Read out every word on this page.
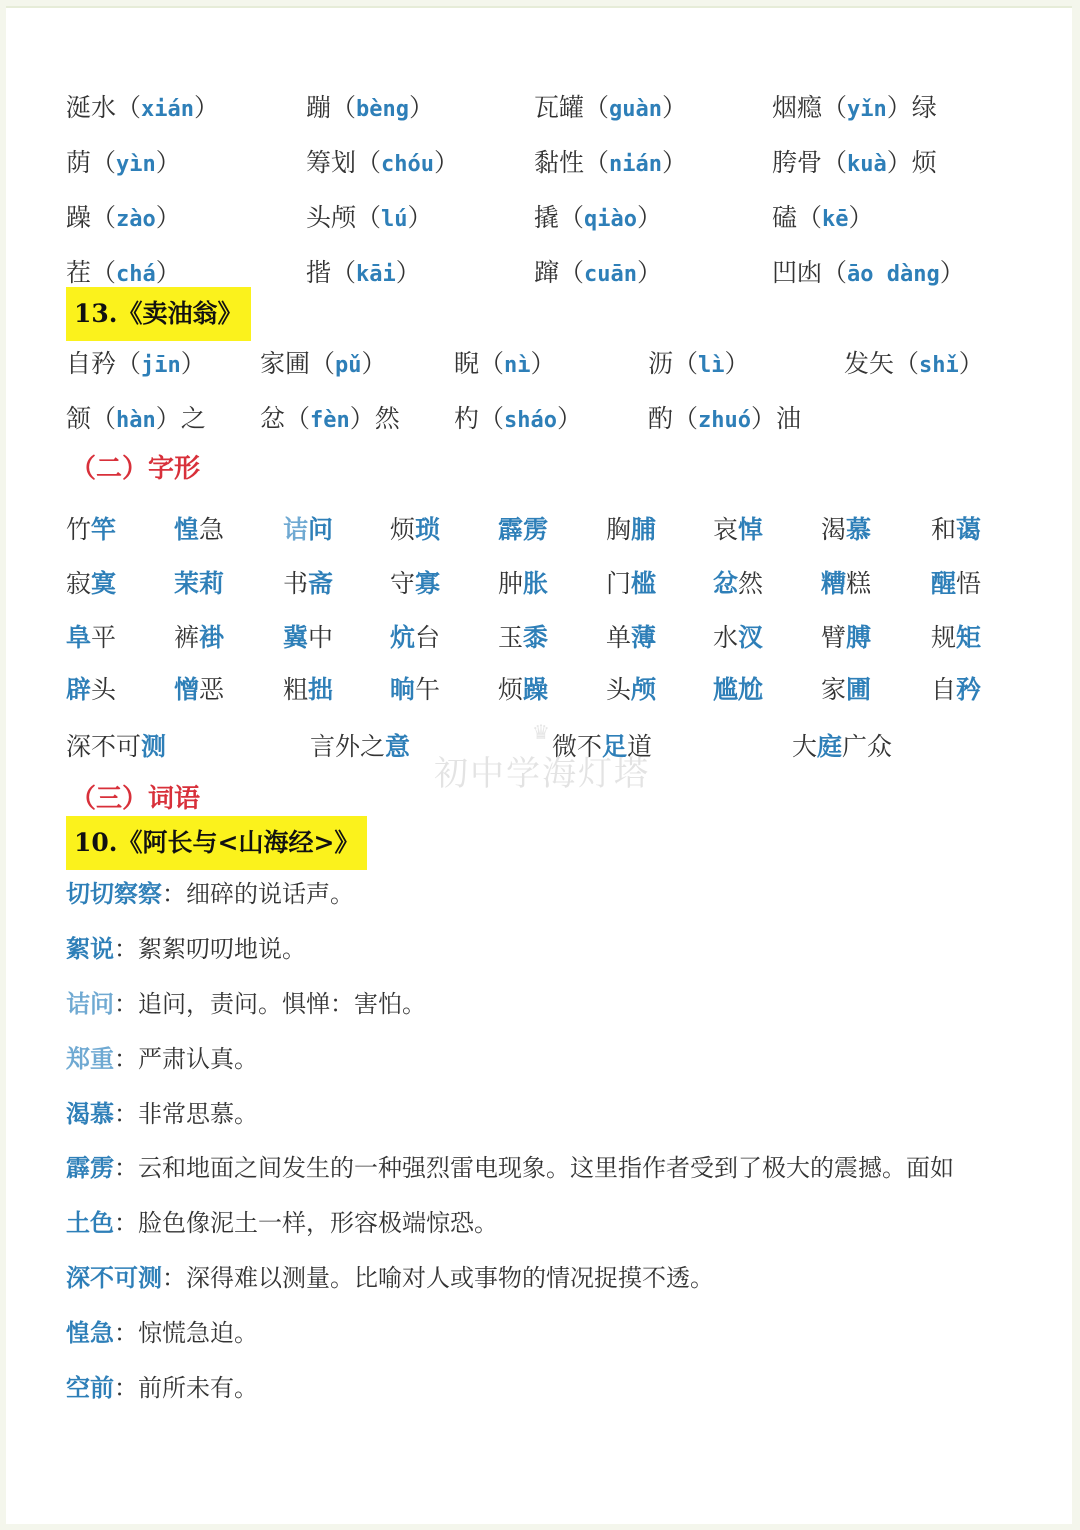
涎水（xián）	蹦（bèng）	瓦罐（guàn）	烟瘾（yǐn）绿
荫（yìn）	筹划（chóu）	黏性（nián）	胯骨（kuà）烦
躁（zào）	头颅（lú）	撬（qiào）	磕（kē）
茬（chá）	揩（kāi）	蹿（cuān）	凹凼（āo dàng）
13.《卖油翁》
自矜（jīn） 家圃（pǔ）	睨（nì）	沥（lì）	发矢（shǐ）
颔（hàn）之 忿（fèn）然 杓（sháo）	酌（zhuó）油
（二）字形
竹竿 惶急 诘问 烦琐 霹雳 胸脯 哀悼 渴慕 和蔼
寂寞 茉莉 书斋 守寡 肿胀 门槛 忿然 糟糕 醒悟
阜平 裤褂 冀中 炕台 玉黍 单薄 水汊 臂膊 规矩
辟头 憎恶 粗拙 晌午 烦躁 头颅 尴尬 家圃 自矜
深不可测	言外之意	微不足道	大庭广众
♛
初中学海灯塔
（三）词语
10.《阿长与<山海经>》
切切察察：细碎的说话声。
絮说：絮絮叨叨地说。
诘问：追问，责问。惧惮：害怕。
郑重：严肃认真。
渴慕：非常思慕。
霹雳：云和地面之间发生的一种强烈雷电现象。这里指作者受到了极大的震撼。面如
土色：脸色像泥土一样，形容极端惊恐。
深不可测：深得难以测量。比喻对人或事物的情况捉摸不透。
惶急：惊慌急迫。
空前：前所未有。
